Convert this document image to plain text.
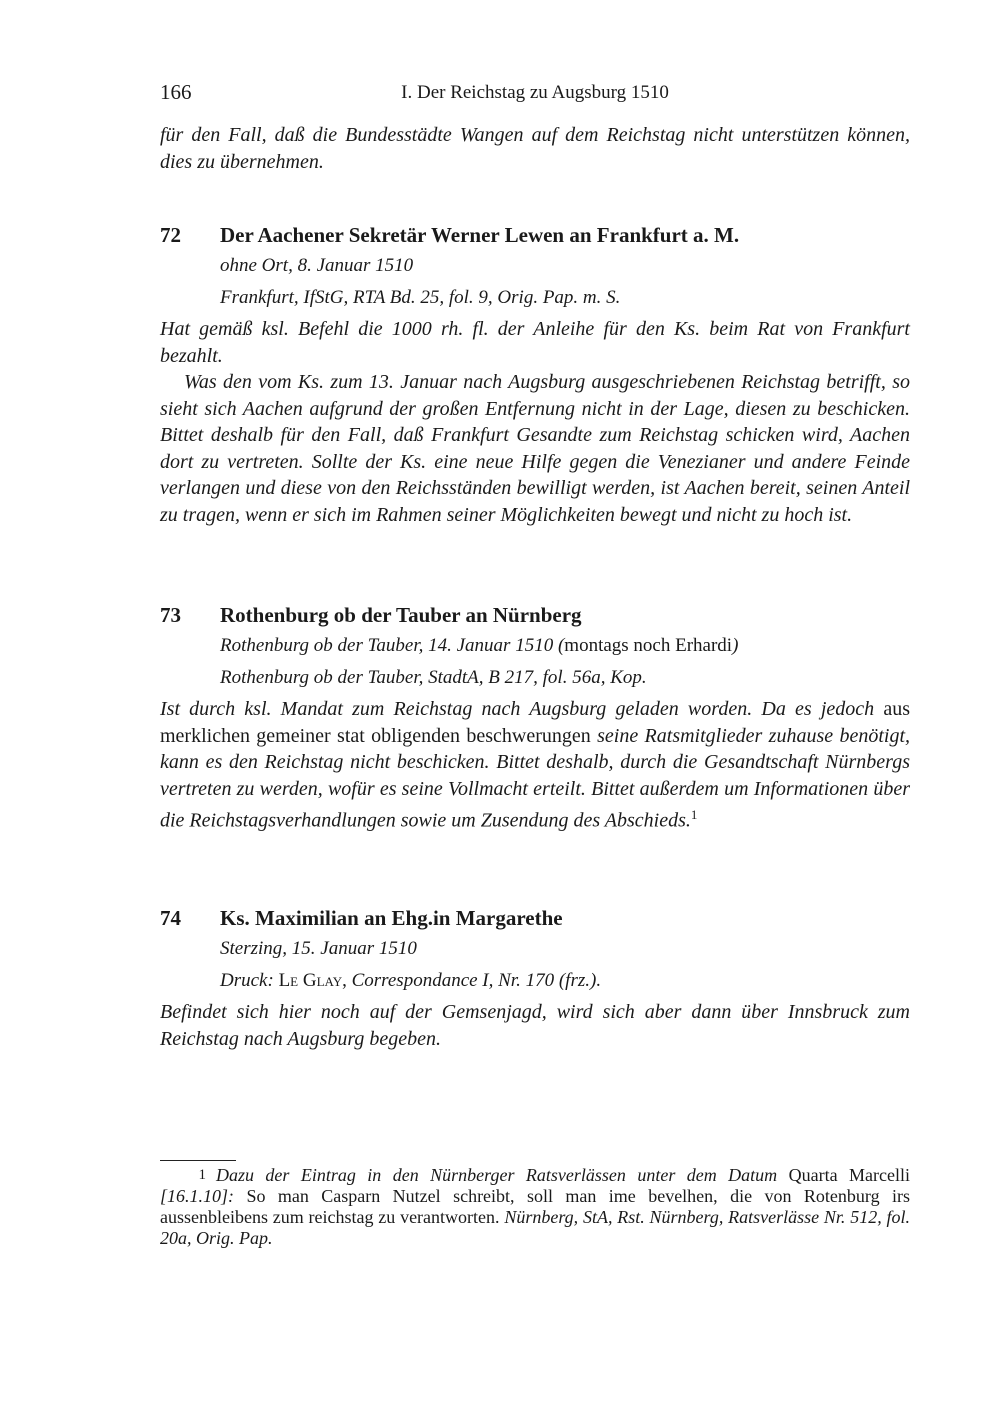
166	I. Der Reichstag zu Augsburg 1510
für den Fall, daß die Bundesstädte Wangen auf dem Reichstag nicht unterstützen können, dies zu übernehmen.
72 Der Aachener Sekretär Werner Lewen an Frankfurt a. M.
ohne Ort, 8. Januar 1510
Frankfurt, IfStG, RTA Bd. 25, fol. 9, Orig. Pap. m. S.
Hat gemäß ksl. Befehl die 1000 rh. fl. der Anleihe für den Ks. beim Rat von Frankfurt bezahlt.
Was den vom Ks. zum 13. Januar nach Augsburg ausgeschriebenen Reichstag betrifft, so sieht sich Aachen aufgrund der großen Entfernung nicht in der Lage, diesen zu beschicken. Bittet deshalb für den Fall, daß Frankfurt Gesandte zum Reichstag schicken wird, Aachen dort zu vertreten. Sollte der Ks. eine neue Hilfe gegen die Venezianer und andere Feinde verlangen und diese von den Reichsständen bewilligt werden, ist Aachen bereit, seinen Anteil zu tragen, wenn er sich im Rahmen seiner Möglichkeiten bewegt und nicht zu hoch ist.
73 Rothenburg ob der Tauber an Nürnberg
Rothenburg ob der Tauber, 14. Januar 1510 (montags noch Erhardi)
Rothenburg ob der Tauber, StadtA, B 217, fol. 56a, Kop.
Ist durch ksl. Mandat zum Reichstag nach Augsburg geladen worden. Da es jedoch aus merklichen gemeiner stat obligenden beschwerungen seine Ratsmitglieder zuhause benötigt, kann es den Reichstag nicht beschicken. Bittet deshalb, durch die Gesandtschaft Nürnbergs vertreten zu werden, wofür es seine Vollmacht erteilt. Bittet außerdem um Informationen über die Reichstagsverhandlungen sowie um Zusendung des Abschieds.$^1$
74 Ks. Maximilian an Ehg.in Margarethe
Sterzing, 15. Januar 1510
Druck: Le Glay, Correspondance I, Nr. 170 (frz.).
Befindet sich hier noch auf der Gemsenjagd, wird sich aber dann über Innsbruck zum Reichstag nach Augsburg begeben.
1 Dazu der Eintrag in den Nürnberger Ratsverlässen unter dem Datum Quarta Marcelli [16.1.10]: So man Casparn Nutzel schreibt, soll man ime bevelhen, die von Rotenburg irs aussenbleibens zum reichstag zu verantworten. Nürnberg, StA, Rst. Nürnberg, Ratsverlässe Nr. 512, fol. 20a, Orig. Pap.
